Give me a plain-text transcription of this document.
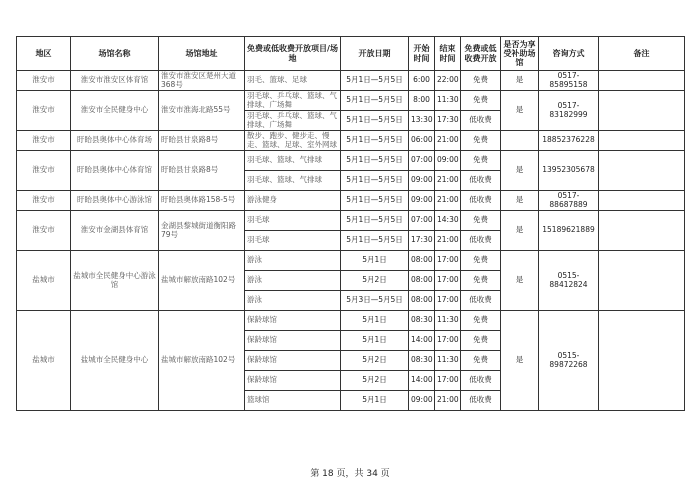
地区	场馆名称	场馆地址	免费或低收费开放项目/场地	开放日期	开始时间	结束时间	免费或低收费开放	是否为享受补助场馆	咨询方式	备注
淮安市	淮安市淮安区体育馆	淮安市淮安区楚州大道368号	羽毛、篮球、足球	5月1日—5月5日	6:00	22:00	免费	是	0517-85895158	
淮安市	淮安市全民健身中心	淮安市淮海北路55号	羽毛球、乒乓球、篮球、气排球、广场舞	5月1日—5月5日	8:00	11:30	免费	是	0517-83182999	
			羽毛球、乒乓球、篮球、气排球、广场舞	5月1日—5月5日	13:30	17:30	低收费			
淮安市	盱眙县奥体中心体育场	盱眙县甘泉路8号	散步、跑步、健步走、慢走、篮球、足球、室外网球	5月1日—5月5日	06:00	21:00	免费		18852376228	
淮安市	盱眙县奥体中心体育馆	盱眙县甘泉路8号	羽毛球、篮球、气排球	5月1日—5月5日	07:00	09:00	免费	是	13952305678	
			羽毛球、篮球、气排球	5月1日—5月5日	09:00	21:00	低收费			
淮安市	盱眙县奥体中心游泳馆	盱眙县奥体路158-5号	游泳健身	5月1日—5月5日	09:00	21:00	低收费	是	0517-88687889	
淮安市	淮安市金湖县体育馆	金湖县黎城街道衡阳路79号	羽毛球	5月1日—5月5日	07:00	14:30	免费	是	15189621889	
			羽毛球	5月1日—5月5日	17:30	21:00	低收费			
盐城市	盐城市全民健身中心游泳馆	盐城市解放南路102号	游泳	5月1日	08:00	17:00	免费	是	0515-88412824	
			游泳	5月2日	08:00	17:00	免费			
			游泳	5月3日—5月5日	08:00	17:00	低收费			
盐城市	盐城市全民健身中心	盐城市解放南路102号	保龄球馆	5月1日	08:30	11:30	免费	是	0515-89872268	
			保龄球馆	5月1日	14:00	17:00	免费			
			保龄球馆	5月2日	08:30	11:30	免费			
			保龄球馆	5月2日	14:00	17:00	低收费			
			篮球馆	5月1日	09:00	21:00	低收费			
第 18 页，共 34 页
